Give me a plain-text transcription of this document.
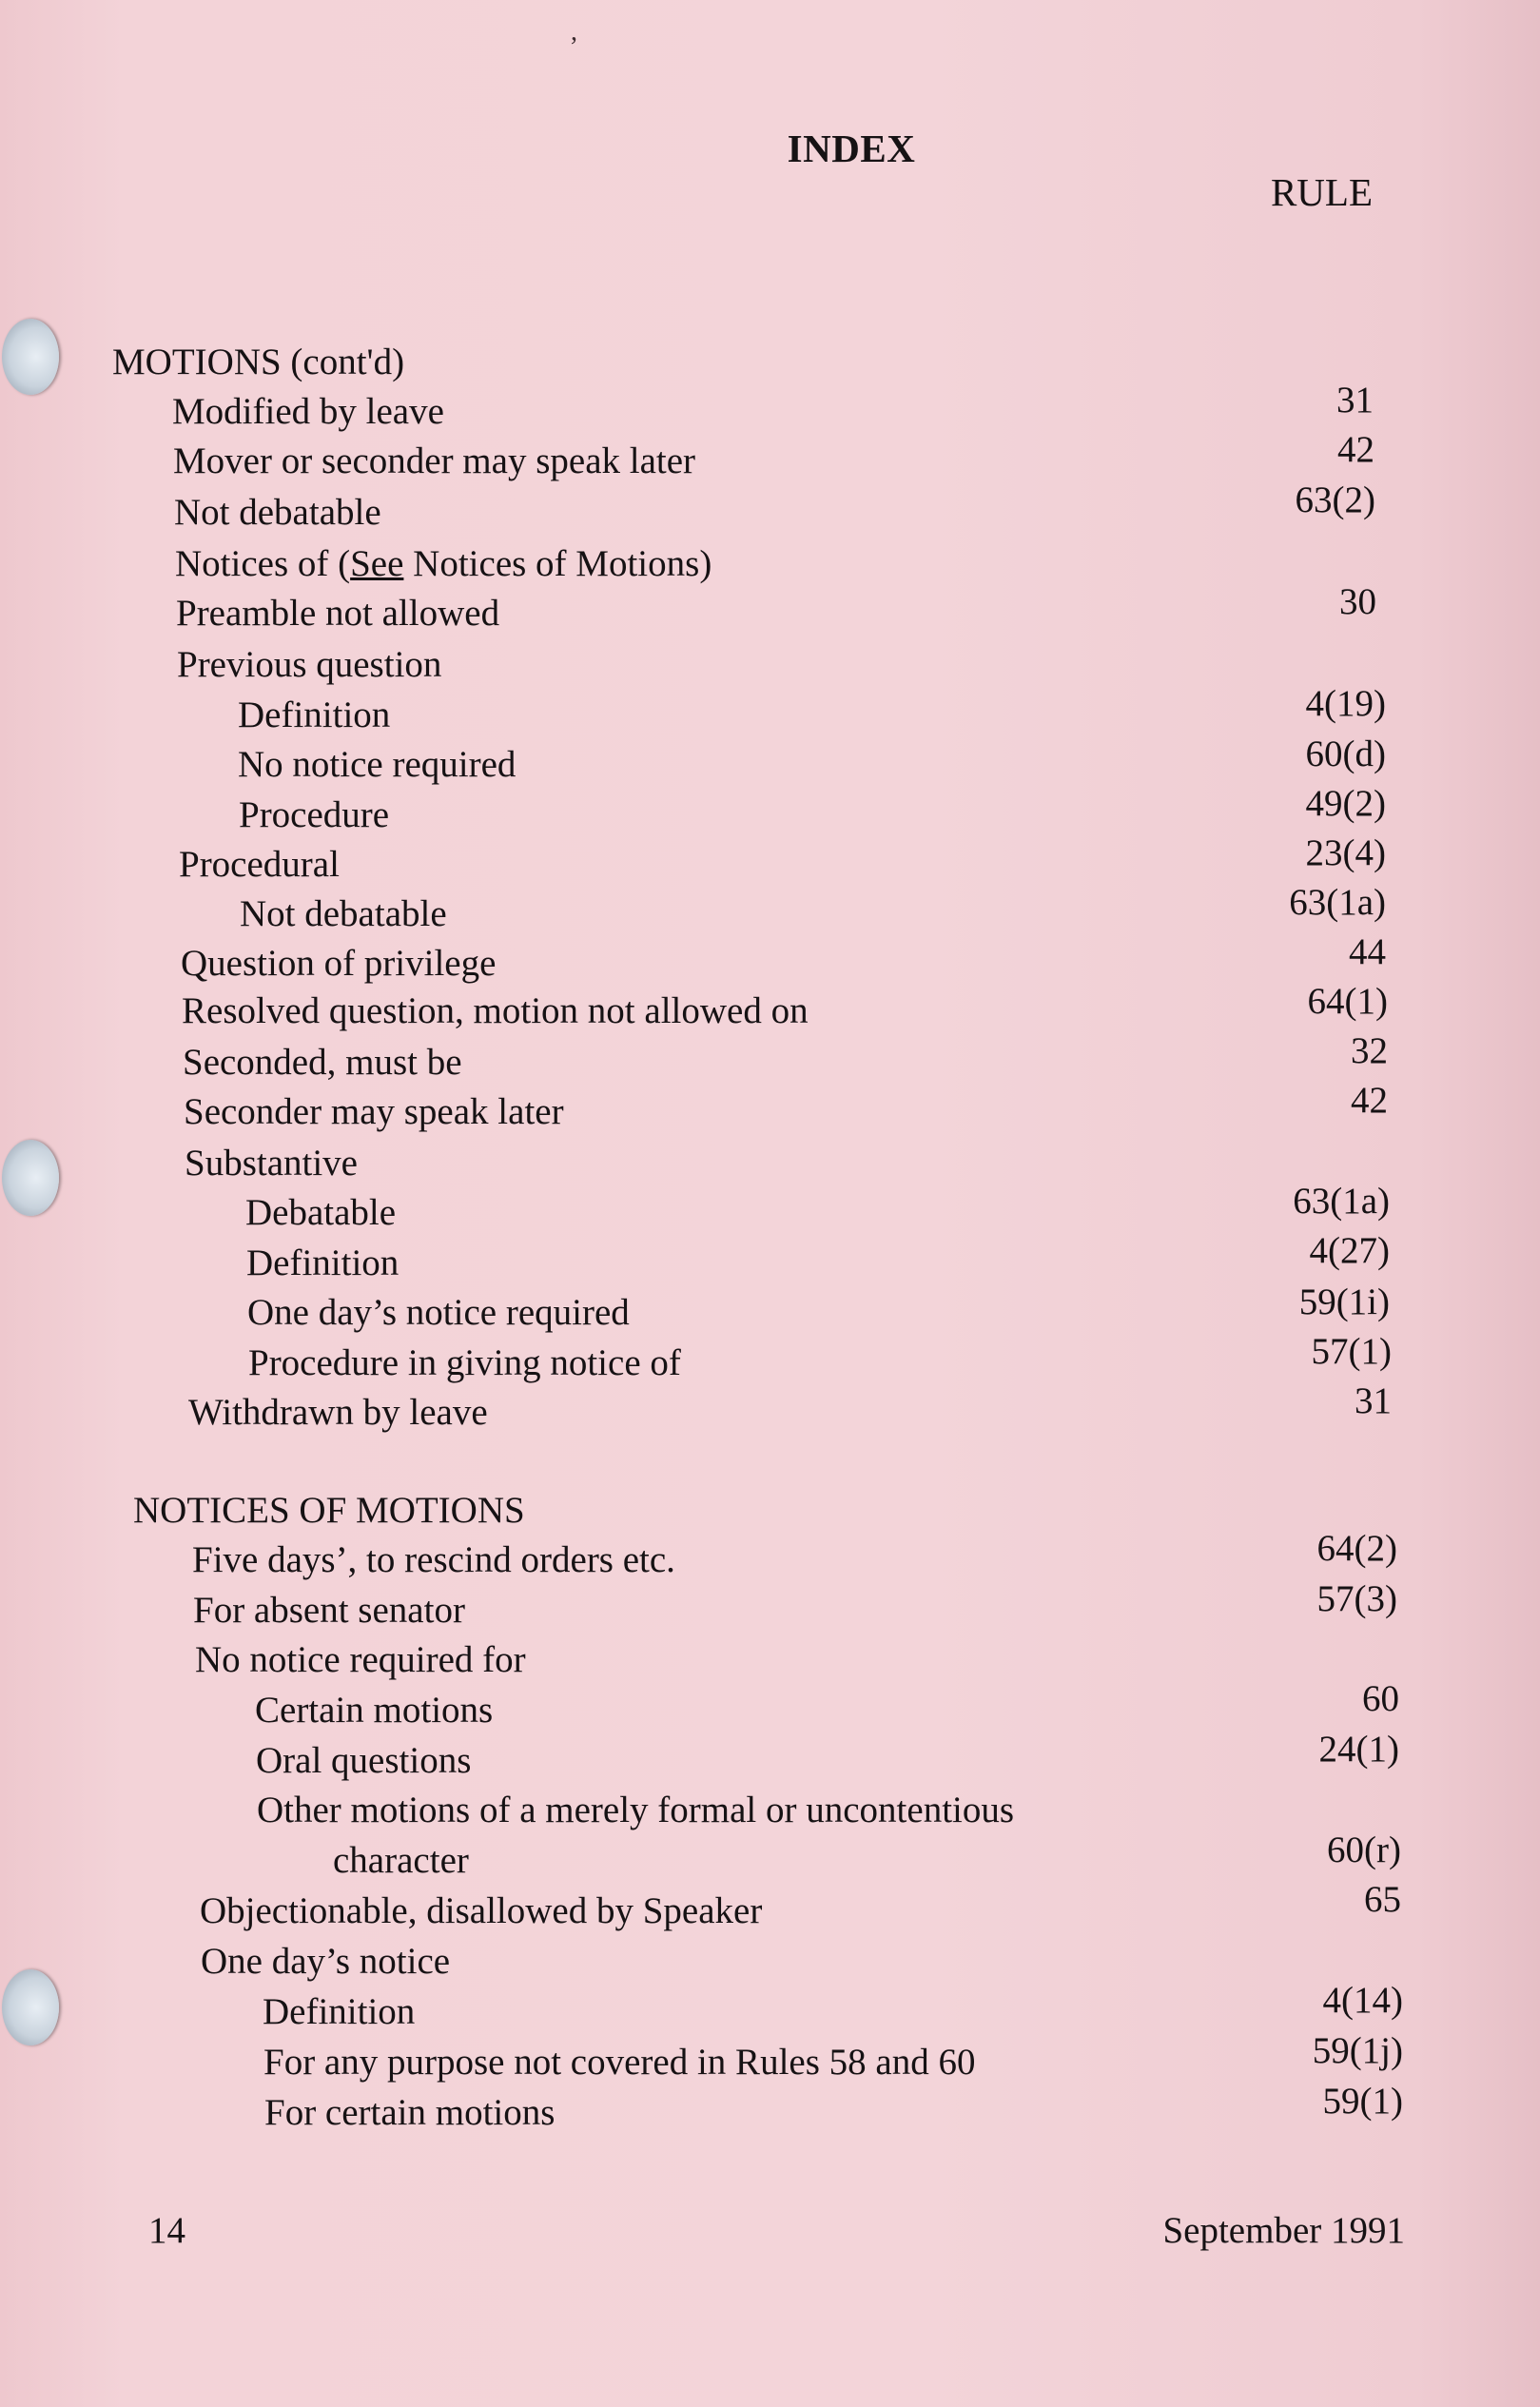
,
INDEX
RULE
MOTIONS (cont'd)
Modified by leave	31
Mover or seconder may speak later	42
Not debatable	63(2)
Notices of (See Notices of Motions)
Preamble not allowed	30
Previous question
Definition	4(19)
No notice required	60(d)
Procedure	49(2)
Procedural	23(4)
Not debatable	63(1a)
Question of privilege	44
Resolved question, motion not allowed on	64(1)
Seconded, must be	32
Seconder may speak later	42
Substantive
Debatable	63(1a)
Definition	4(27)
One day’s notice required	59(1i)
Procedure in giving notice of	57(1)
Withdrawn by leave	31
NOTICES OF MOTIONS
Five days’, to rescind orders etc.	64(2)
For absent senator	57(3)
No notice required for
Certain motions	60
Oral questions	24(1)
Other motions of a merely formal or uncontentious
character	60(r)
Objectionable, disallowed by Speaker	65
One day’s notice
Definition	4(14)
For any purpose not covered in Rules 58 and 60	59(1j)
For certain motions	59(1)
14	September 1991
